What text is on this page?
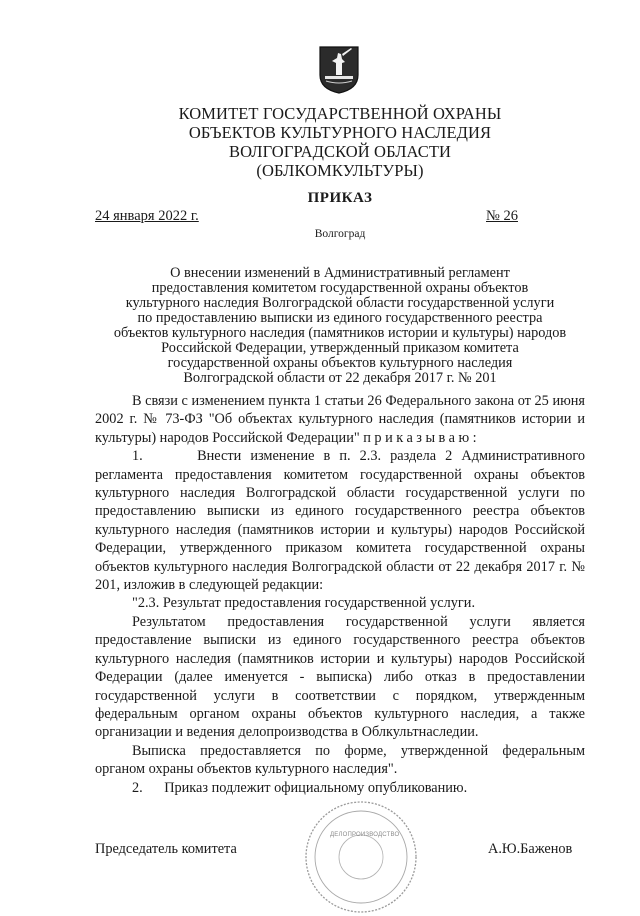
КОМИТЕТ ГОСУДАРСТВЕННОЙ ОХРАНЫ
ОБЪЕКТОВ КУЛЬТУРНОГО НАСЛЕДИЯ
ВОЛГОГРАДСКОЙ ОБЛАСТИ
(ОБЛКОМКУЛЬТУРЫ)
ПРИКАЗ
24 января 2022 г.	№ 26
Волгоград
О внесении изменений в Административный регламент
предоставления комитетом государственной охраны объектов
культурного наследия Волгоградской области государственной услуги
по предоставлению выписки из единого государственного реестра
объектов культурного наследия (памятников истории и культуры) народов
Российской Федерации, утвержденный приказом комитета
государственной охраны объектов культурного наследия
Волгоградской области от 22 декабря 2017 г. № 201

В связи с изменением пункта 1 статьи 26 Федерального закона от 25 июня 2002 г. № 73-ФЗ "Об объектах культурного наследия (памятников истории и культуры) народов Российской Федерации" приказываю:

1.	Внести изменение в п. 2.3. раздела 2 Административного регламента предоставления комитетом государственной охраны объектов культурного наследия Волгоградской области государственной услуги по предоставлению выписки из единого государственного реестра объектов культурного наследия (памятников истории и культуры) народов Российской Федерации, утвержденного приказом комитета государственной охраны объектов культурного наследия Волгоградской области от 22 декабря 2017 г. № 201, изложив в следующей редакции:

"2.3. Результат предоставления государственной услуги.

Результатом предоставления государственной услуги является предоставление выписки из единого государственного реестра объектов культурного наследия (памятников истории и культуры) народов Российской Федерации (далее именуется - выписка) либо отказ в предоставлении государственной услуги в соответствии с порядком, утвержденным федеральным органом охраны объектов культурного наследия, а также организации и ведения делопроизводства в Облкультнаследии.

Выписка предоставляется по форме, утвержденной федеральным органом охраны объектов культурного наследия".

2. Приказ подлежит официальному опубликованию.

ДЕЛОПРОИЗВОДСТВО
Председатель комитета	А.Ю.Баженов
